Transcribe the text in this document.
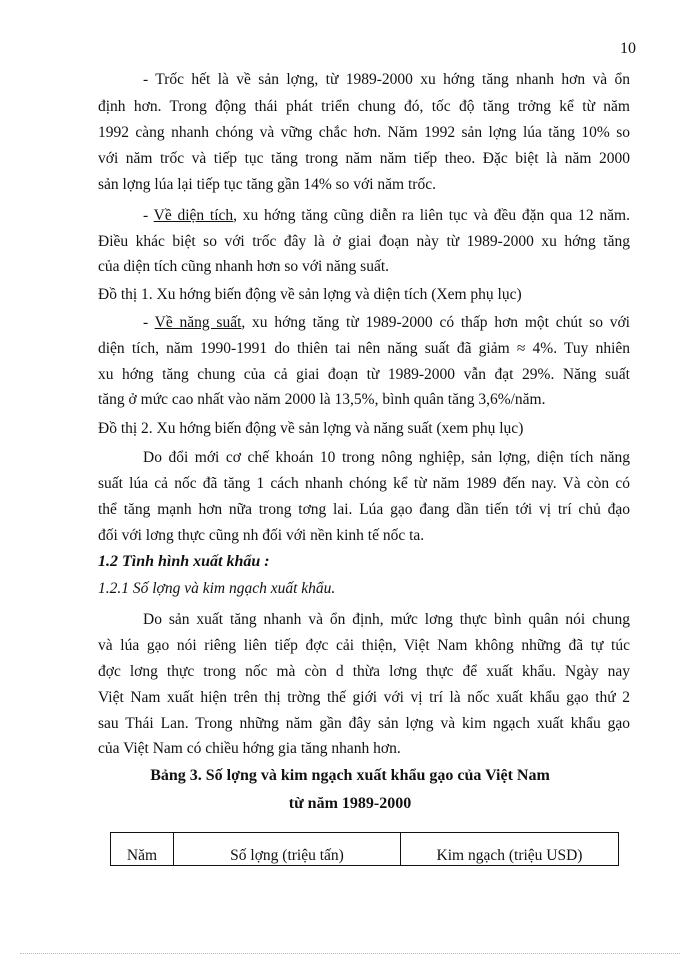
10
- Trốc hết là về sản lợng, từ 1989-2000 xu hớng tăng nhanh hơn và ổn
định hơn. Trong động thái phát triển chung đó, tốc độ tăng trởng kể từ năm
1992 càng nhanh chóng và vững chắc hơn. Năm 1992 sản lợng lúa tăng 10% so
với năm trốc và tiếp tục tăng trong năm năm tiếp theo. Đặc biệt là năm 2000
sản lợng lúa lại tiếp tục tăng gần 14% so với năm trốc.
- Về diện tích, xu hớng tăng cũng diễn ra liên tục và đều đặn qua 12 năm.
Điều khác biệt so với trốc đây là ở giai đoạn này từ 1989-2000 xu hớng tăng
của diện tích cũng nhanh hơn so với năng suất.
Đồ thị 1. Xu hớng biến động về sản lợng và diện tích (Xem phụ lục)
- Về năng suất, xu hớng tăng từ 1989-2000 có thấp hơn một chút so với
diện tích, năm 1990-1991 do thiên tai nên năng suất đã giảm ≈ 4%. Tuy nhiên
xu hớng tăng chung của cả giai đoạn từ 1989-2000 vẫn đạt 29%. Năng suất
tăng ở mức cao nhất vào năm 2000 là 13,5%, bình quân tăng 3,6%/năm.
Đồ thị 2. Xu hớng biến động về sản lợng và năng suất (xem phụ lục)
Do đổi mới cơ chế khoán 10 trong nông nghiệp, sản lợng, diện tích năng
suất lúa cả nốc đã tăng 1 cách nhanh chóng kể từ năm 1989 đến nay. Và còn có
thể tăng mạnh hơn nữa trong tơng lai. Lúa gạo đang dần tiến tới vị trí chủ đạo
đối với lơng thực cũng nh đối với nền kinh tế nốc ta.
1.2 Tình hình xuất khẩu :
1.2.1 Số lợng và kim ngạch xuất khẩu.
Do sản xuất tăng nhanh và ổn định, mức lơng thực bình quân nói chung
và lúa gạo nói riêng liên tiếp đợc cải thiện, Việt Nam không những đã tự túc
đợc lơng thực trong nốc mà còn d thừa lơng thực để xuất khẩu. Ngày nay
Việt Nam xuất hiện trên thị trờng thế giới với vị trí là nốc xuất khẩu gạo thứ 2
sau Thái Lan. Trong những năm gần đây sản lợng và kim ngạch xuất khẩu gạo
của Việt Nam có chiều hớng gia tăng nhanh hơn.
Bảng 3. Số lợng và kim ngạch xuất khẩu gạo của Việt Nam
từ năm 1989-2000
Năm	Số lợng (triệu tấn)	Kim ngạch (triệu USD)
